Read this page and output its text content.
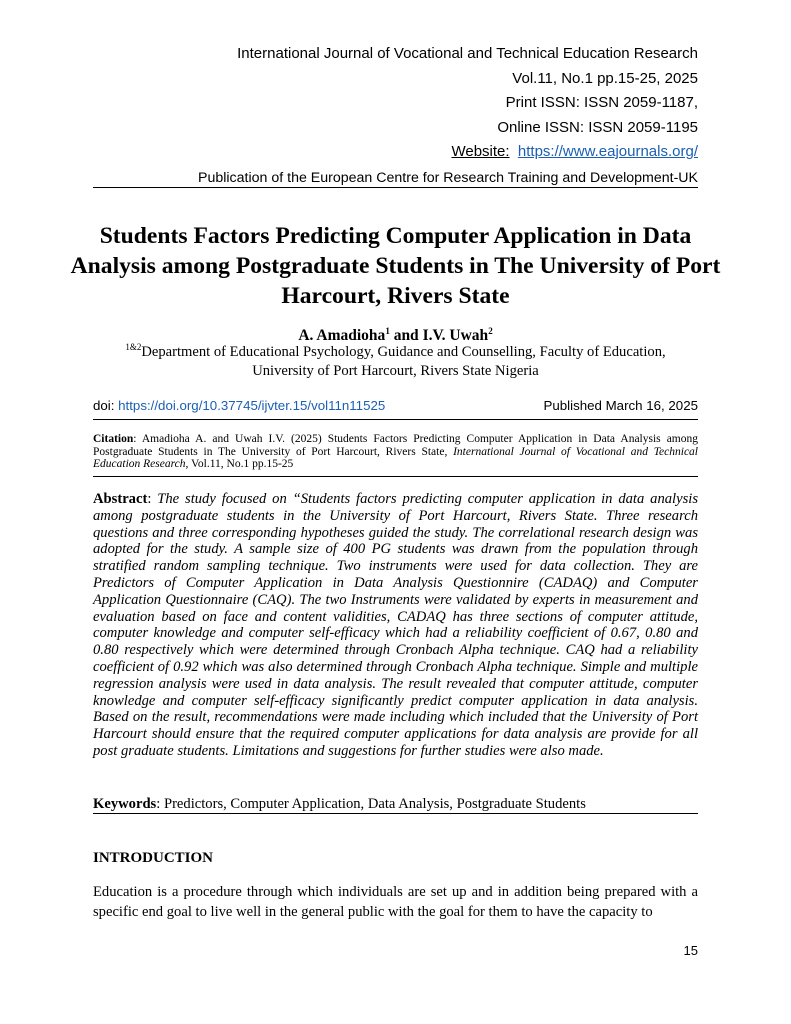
International Journal of Vocational and Technical Education Research
Vol.11, No.1 pp.15-25, 2025
Print ISSN: ISSN 2059-1187,
Online ISSN: ISSN 2059-1195
Website: https://www.eajournals.org/
Publication of the European Centre for Research Training and Development-UK
Students Factors Predicting Computer Application in Data Analysis among Postgraduate Students in The University of Port Harcourt, Rivers State
A. Amadioha$^1$ and I.V. Uwah$^2$
$^{1\&2}$Department of Educational Psychology, Guidance and Counselling, Faculty of Education,
University of Port Harcourt, Rivers State Nigeria
doi: https://doi.org/10.37745/ijvter.15/vol11n11525	Published March 16, 2025
Citation: Amadioha A. and Uwah I.V. (2025) Students Factors Predicting Computer Application in Data Analysis among Postgraduate Students in The University of Port Harcourt, Rivers State, International Journal of Vocational and Technical Education Research, Vol.11, No.1 pp.15-25
Abstract: The study focused on “Students factors predicting computer application in data analysis among postgraduate students in the University of Port Harcourt, Rivers State. Three research questions and three corresponding hypotheses guided the study. The correlational research design was adopted for the study. A sample size of 400 PG students was drawn from the population through stratified random sampling technique. Two instruments were used for data collection. They are Predictors of Computer Application in Data Analysis Questionnire (CADAQ) and Computer Application Questionnaire (CAQ). The two Instruments were validated by experts in measurement and evaluation based on face and content validities, CADAQ has three sections of computer attitude, computer knowledge and computer self-efficacy which had a reliability coefficient of 0.67, 0.80 and 0.80 respectively which were determined through Cronbach Alpha technique. CAQ had a reliability coefficient of 0.92 which was also determined through Cronbach Alpha technique. Simple and multiple regression analysis were used in data analysis. The result revealed that computer attitude, computer knowledge and computer self-efficacy significantly predict computer application in data analysis. Based on the result, recommendations were made including which included that the University of Port Harcourt should ensure that the required computer applications for data analysis are provide for all post graduate students. Limitations and suggestions for further studies were also made.
Keywords: Predictors, Computer Application, Data Analysis, Postgraduate Students
INTRODUCTION
Education is a procedure through which individuals are set up and in addition being prepared with a specific end goal to live well in the general public with the goal for them to have the capacity to
15
